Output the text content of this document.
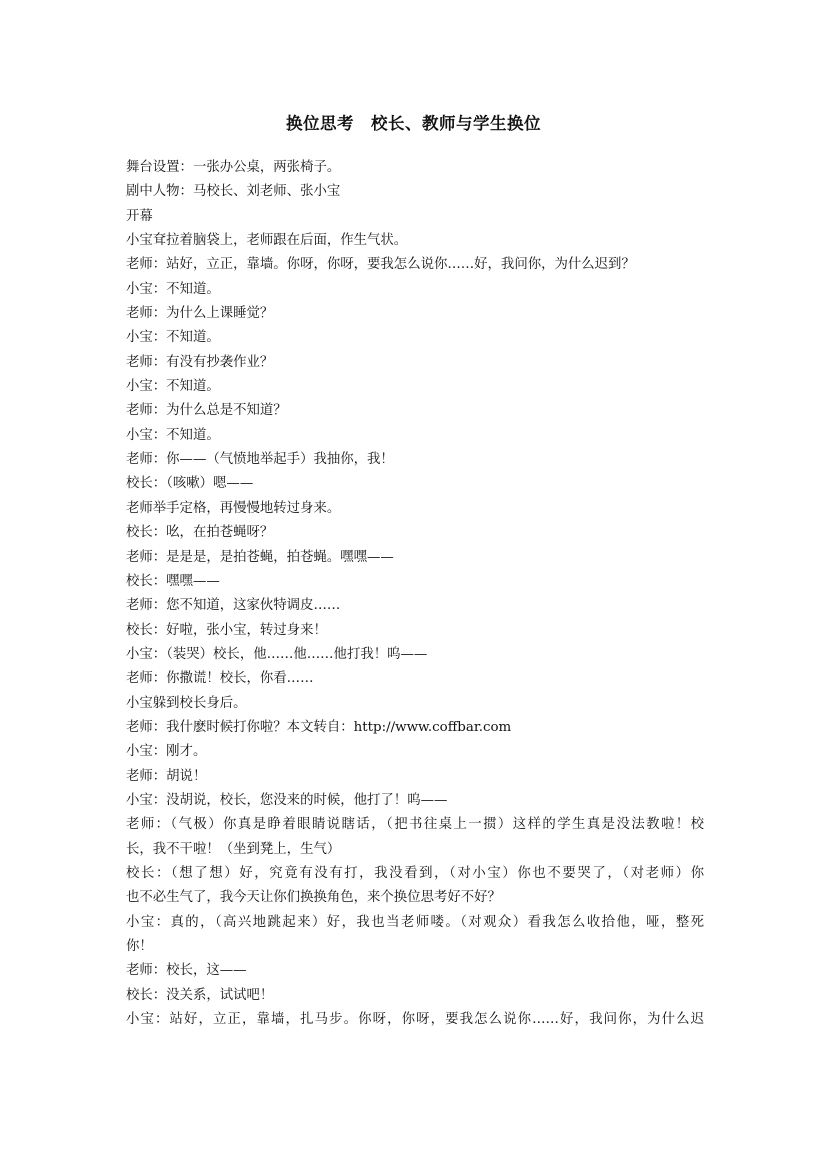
换位思考　校长、教师与学生换位
舞台设置：一张办公桌，两张椅子。
剧中人物：马校长、刘老师、张小宝
开幕
小宝耷拉着脑袋上，老师跟在后面，作生气状。
老师：站好，立正，靠墙。你呀，你呀，要我怎么说你……好，我问你，为什么迟到？
小宝：不知道。
老师：为什么上课睡觉？
小宝：不知道。
老师：有没有抄袭作业？
小宝：不知道。
老师：为什么总是不知道？
小宝：不知道。
老师：你——（气愤地举起手）我抽你，我！
校长：（咳嗽）嗯——
老师举手定格，再慢慢地转过身来。
校长：吆，在拍苍蝇呀？
老师：是是是，是拍苍蝇，拍苍蝇。嘿嘿——
校长：嘿嘿——
老师：您不知道，这家伙特调皮……
校长：好啦，张小宝，转过身来！
小宝：（装哭）校长，他……他……他打我！呜——
老师：你撒谎！校长，你看……
小宝躲到校长身后。
老师：我什麽时候打你啦？本文转自：http://www.coffbar.com
小宝：刚才。
老师：胡说！
小宝：没胡说，校长，您没来的时候，他打了！呜——
老师：（气极）你真是睁着眼睛说瞎话，（把书往桌上一掼）这样的学生真是没法教啦！校
长，我不干啦！（坐到凳上，生气）
校长：（想了想）好，究竟有没有打，我没看到，（对小宝）你也不要哭了，（对老师）你
也不必生气了，我今天让你们换换角色，来个换位思考好不好？
小宝：真的，（高兴地跳起来）好，我也当老师喽。（对观众）看我怎么收拾他，哑，整死
你！
老师：校长，这——
校长：没关系，试试吧！
小宝：站好，立正，靠墙，扎马步。你呀，你呀，要我怎么说你……好，我问你，为什么迟
